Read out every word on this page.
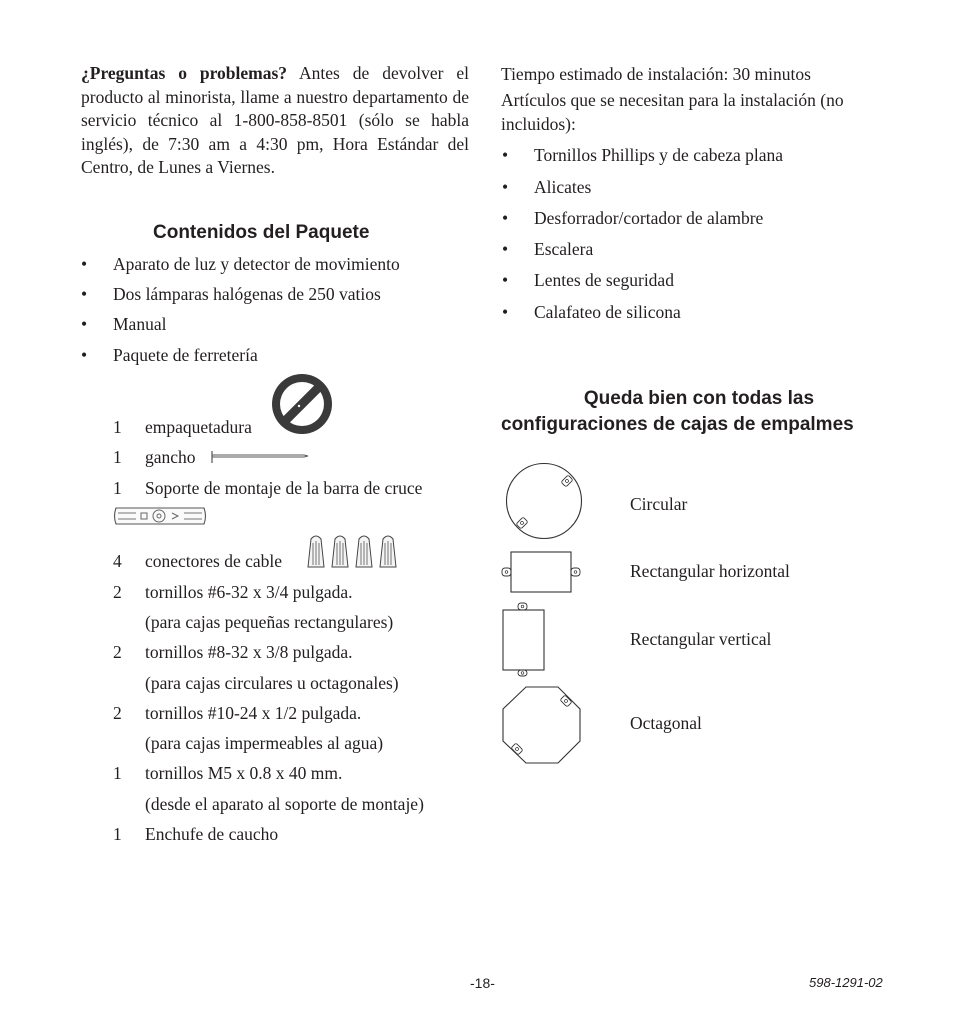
¿Preguntas o problemas? Antes de devolver el producto al minorista, llame a nuestro departamento de servicio técnico al 1-800-858-8501 (sólo se habla inglés), de 7:30 am a 4:30 pm, Hora Estándar del Centro, de Lunes a Viernes.
Contenidos del Paquete
• Aparato de luz y detector de movimiento
• Dos lámparas halógenas de 250 vatios
• Manual
• Paquete de ferretería
1 empaquetadura
1 gancho
1 Soporte de montaje de la barra de cruce
4 conectores de cable
2 tornillos #6-32 x 3/4 pulgada.
(para cajas pequeñas rectangulares)
2 tornillos #8-32 x 3/8 pulgada.
(para cajas circulares u octagonales)
2 tornillos #10-24 x 1/2 pulgada.
(para cajas impermeables al agua)
1 tornillos M5 x 0.8 x 40 mm.
(desde el aparato al soporte de montaje)
1 Enchufe de caucho
Tiempo estimado de instalación: 30 minutos
Artículos que se necesitan para la instalación (no
incluidos):
• Tornillos Phillips y de cabeza plana
• Alicates
• Desforrador/cortador de alambre
• Escalera
• Lentes de seguridad
• Calafateo de silicona
Queda bien con todas las
configuraciones de cajas de empalmes
Circular
Rectangular horizontal
Rectangular vertical
Octagonal
-18-	598-1291-02
